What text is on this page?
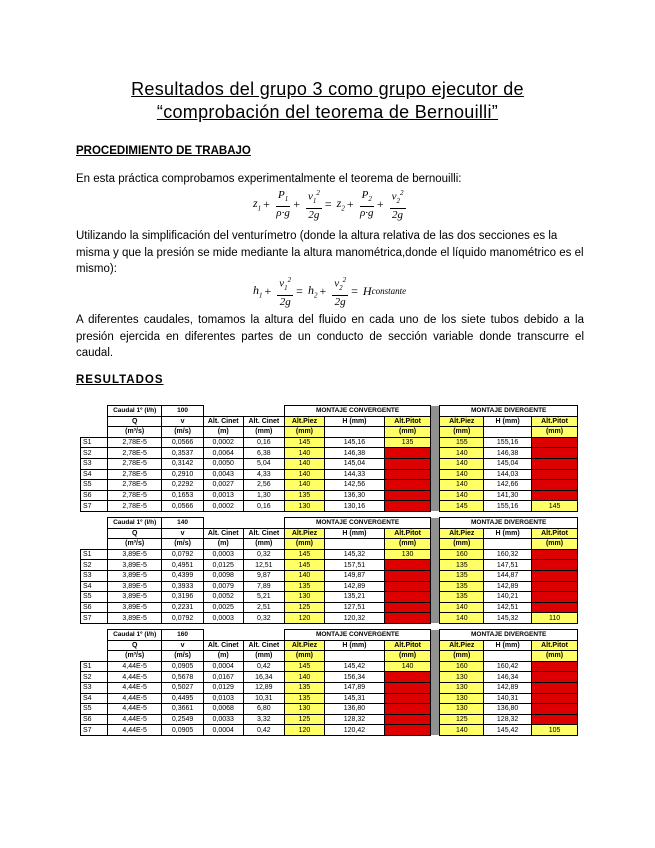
Resultados del grupo 3 como grupo ejecutor de
“comprobación del teorema de Bernouilli”
PROCEDIMIENTO DE TRABAJO
En esta práctica comprobamos experimentalmente el teorema de bernouilli:
$z_1 + \frac{P_1}{\rho\cdot g} + \frac{v_1^2}{2g} = z_2 + \frac{P_2}{\rho\cdot g} + \frac{v_2^2}{2g}$
Utilizando la simplificación del venturímetro (donde la altura relativa de las dos secciones es la misma y que la presión se mide mediante la altura manométrica,donde el líquido manométrico es el mismo):
$h_1 + \frac{v_1^2}{2g} = h_2 + \frac{v_2^2}{2g}$ = Hconstante
A diferentes caudales, tomamos la altura del fluido en cada uno de los siete tubos debido a la presión ejercida en diferentes partes de un conducto de sección variable donde transcurre el caudal.
RESULTADOS
	Caudal 1º (l/h)	100			MONTAJE CONVERGENTE				MONTAJE DIVERGENTE		
	Q	v	Alt. Cinet	Alt. Cinet	Alt.Piez	H (mm)	Alt.Pitot		Alt.Piez	H (mm)	Alt.Pitot
	(m³/s)	(m/s)	(m)	(mm)	(mm)		(mm)		(mm)		(mm)
S1	2,78E-5	0,0566	0,0002	0,16	145	145,16	135		155	155,16	
S2	2,78E-5	0,3537	0,0064	6,38	140	146,38			140	146,38	
S3	2,78E-5	0,3142	0,0050	5,04	140	145,04			140	145,04	
S4	2,78E-5	0,2910	0,0043	4,33	140	144,33			140	144,03	
S5	2,78E-5	0,2292	0,0027	2,56	140	142,56			140	142,66	
S6	2,78E-5	0,1653	0,0013	1,30	135	136,30			140	141,30	
S7	2,78E-5	0,0566	0,0002	0,16	130	130,16			145	155,16	145
	Caudal 1º (l/h)	140			MONTAJE CONVERGENTE				MONTAJE DIVERGENTE		
	Q	v	Alt. Cinet	Alt. Cinet	Alt.Piez	H (mm)	Alt.Pitot		Alt.Piez	H (mm)	Alt.Pitot
	(m³/s)	(m/s)	(m)	(mm)	(mm)		(mm)		(mm)		(mm)
S1	3,89E-5	0,0792	0,0003	0,32	145	145,32	130		160	160,32	
S2	3,89E-5	0,4951	0,0125	12,51	145	157,51			135	147,51	
S3	3,89E-5	0,4399	0,0098	9,87	140	149,87			135	144,87	
S4	3,89E-5	0,3933	0,0079	7,89	135	142,89			135	142,89	
S5	3,89E-5	0,3196	0,0052	5,21	130	135,21			135	140,21	
S6	3,89E-5	0,2231	0,0025	2,51	125	127,51			140	142,51	
S7	3,89E-5	0,0792	0,0003	0,32	120	120,32			140	145,32	110
	Caudal 1º (l/h)	160			MONTAJE CONVERGENTE				MONTAJE DIVERGENTE		
	Q	v	Alt. Cinet	Alt. Cinet	Alt.Piez	H (mm)	Alt.Pitot		Alt.Piez	H (mm)	Alt.Pitot
	(m³/s)	(m/s)	(m)	(mm)	(mm)		(mm)		(mm)		(mm)
S1	4,44E-5	0,0905	0,0004	0,42	145	145,42	140		160	160,42	
S2	4,44E-5	0,5678	0,0167	16,34	140	156,34			130	146,34	
S3	4,44E-5	0,5027	0,0129	12,89	135	147,89			130	142,89	
S4	4,44E-5	0,4495	0,0103	10,31	135	145,31			130	140,31	
S5	4,44E-5	0,3661	0,0068	6,80	130	136,80			130	136,80	
S6	4,44E-5	0,2549	0,0033	3,32	125	128,32			125	128,32	
S7	4,44E-5	0,0905	0,0004	0,42	120	120,42			140	145,42	105
